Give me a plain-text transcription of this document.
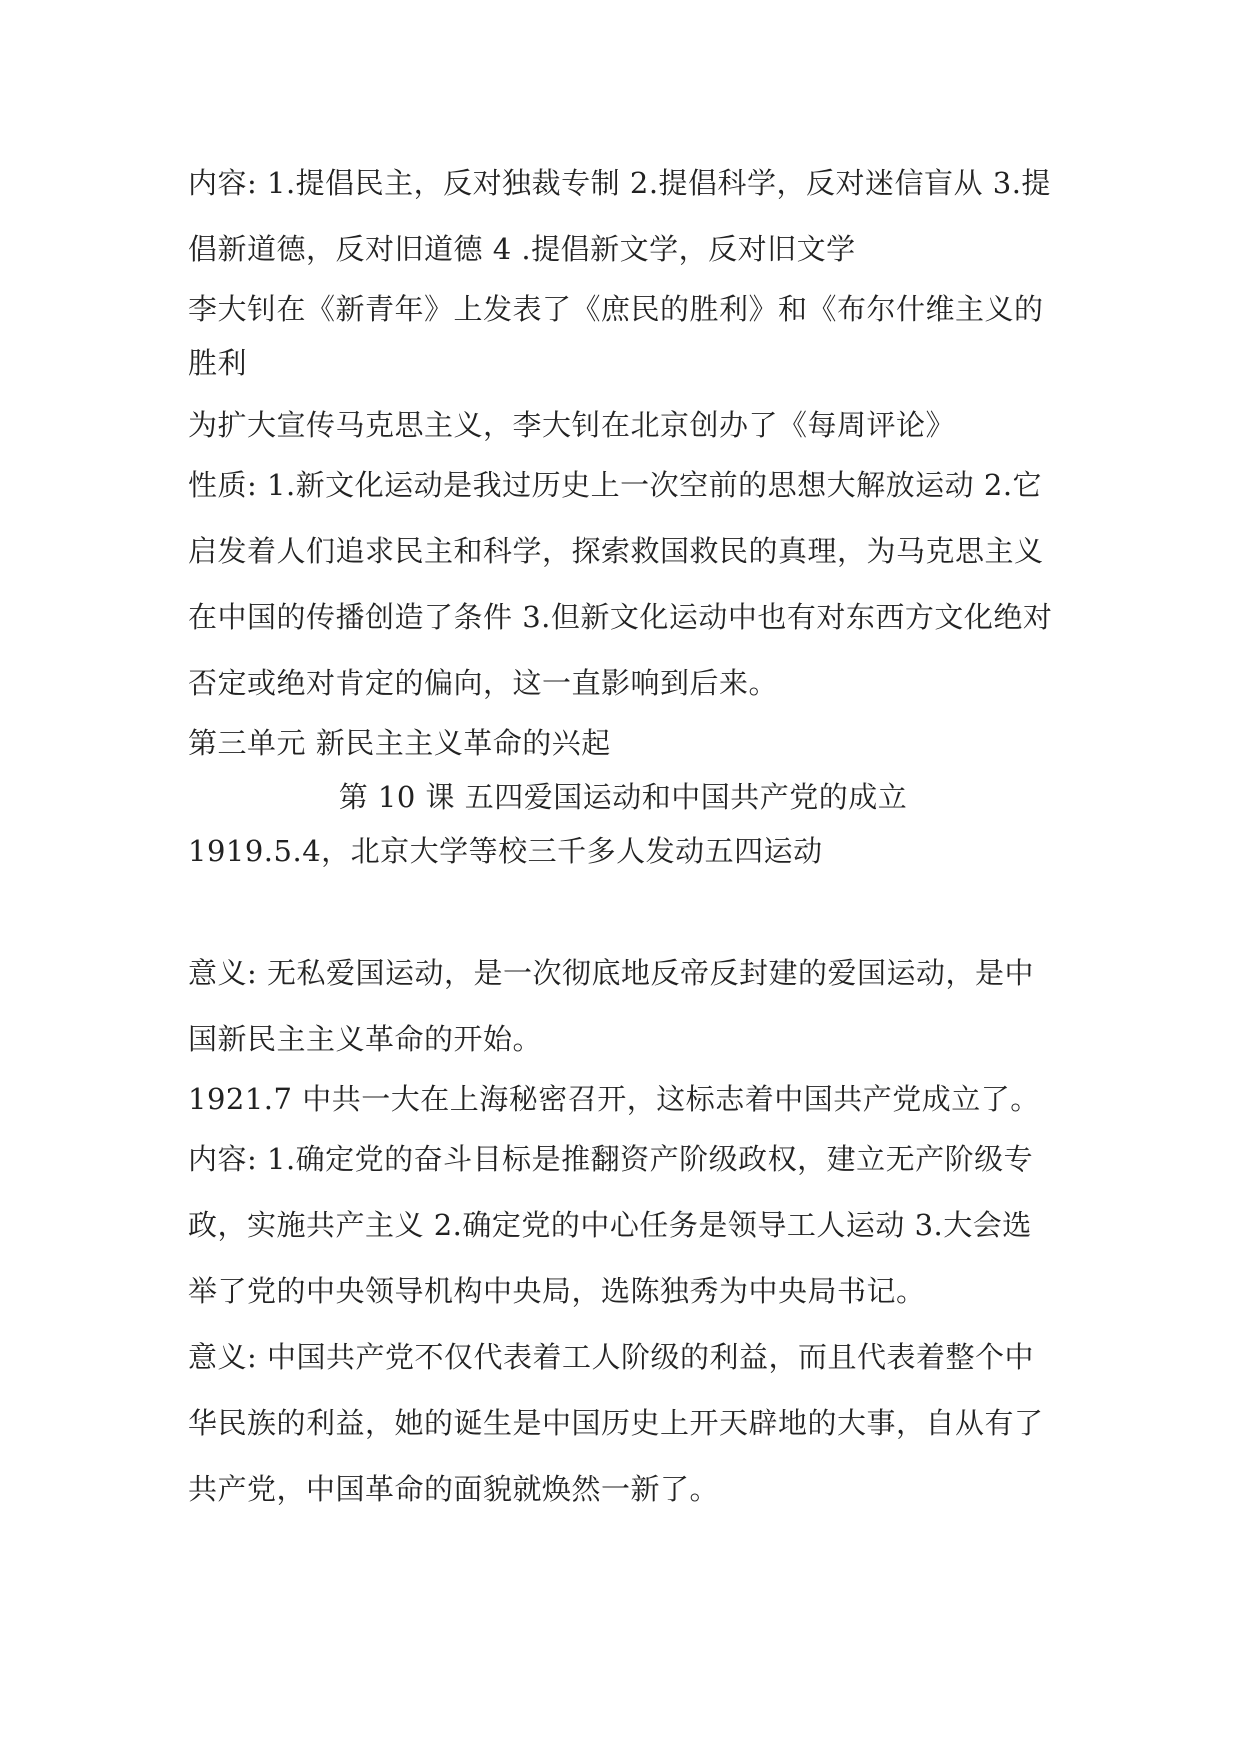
内容: 1.提倡民主，反对独裁专制 2.提倡科学，反对迷信盲从 3.提倡新道德，反对旧道德 4 .提倡新文学，反对旧文学

李大钊在《新青年》上发表了《庶民的胜利》和《布尔什维主义的胜利

为扩大宣传马克思主义，李大钊在北京创办了《每周评论》

性质: 1.新文化运动是我过历史上一次空前的思想大解放运动 2.它启发着人们追求民主和科学，探索救国救民的真理，为马克思主义在中国的传播创造了条件 3.但新文化运动中也有对东西方文化绝对否定或绝对肯定的偏向，这一直影响到后来。

第三单元 新民主主义革命的兴起

第 10 课 五四爱国运动和中国共产党的成立

1919.5.4，北京大学等校三千多人发动五四运动

意义: 无私爱国运动，是一次彻底地反帝反封建的爱国运动，是中国新民主主义革命的开始。

1921.7 中共一大在上海秘密召开，这标志着中国共产党成立了。

内容: 1.确定党的奋斗目标是推翻资产阶级政权，建立无产阶级专政，实施共产主义 2.确定党的中心任务是领导工人运动 3.大会选举了党的中央领导机构中央局，选陈独秀为中央局书记。

意义: 中国共产党不仅代表着工人阶级的利益，而且代表着整个中华民族的利益，她的诞生是中国历史上开天辟地的大事，自从有了共产党，中国革命的面貌就焕然一新了。
